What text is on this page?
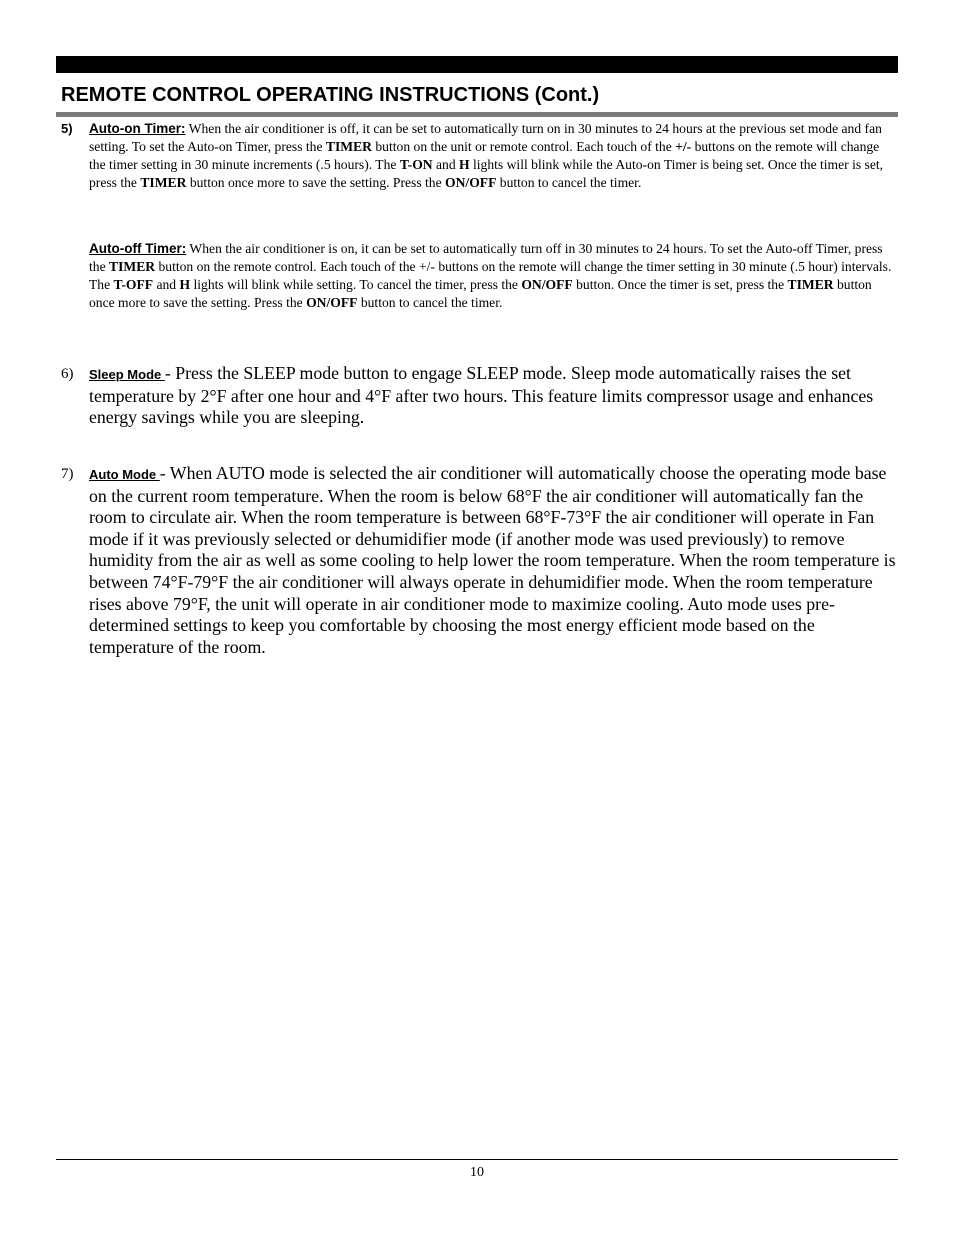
REMOTE CONTROL OPERATING INSTRUCTIONS (Cont.)
5) Auto-on Timer: When the air conditioner is off, it can be set to automatically turn on in 30 minutes to 24 hours at the previous set mode and fan setting. To set the Auto-on Timer, press the TIMER button on the unit or remote control. Each touch of the +/- buttons on the remote will change the timer setting in 30 minute increments (.5 hours). The T-ON and H lights will blink while the Auto-on Timer is being set. Once the timer is set, press the TIMER button once more to save the setting. Press the ON/OFF button to cancel the timer.

Auto-off Timer: When the air conditioner is on, it can be set to automatically turn off in 30 minutes to 24 hours. To set the Auto-off Timer, press the TIMER button on the remote control. Each touch of the +/- buttons on the remote will change the timer setting in 30 minute (.5 hour) intervals. The T-OFF and H lights will blink while setting. To cancel the timer, press the ON/OFF button. Once the timer is set, press the TIMER button once more to save the setting. Press the ON/OFF button to cancel the timer.

6) Sleep Mode - Press the SLEEP mode button to engage SLEEP mode. Sleep mode automatically raises the set temperature by 2°F after one hour and 4°F after two hours. This feature limits compressor usage and enhances energy savings while you are sleeping.

7) Auto Mode - When AUTO mode is selected the air conditioner will automatically choose the operating mode base on the current room temperature. When the room is below 68°F the air conditioner will automatically fan the room to circulate air. When the room temperature is between 68°F-73°F the air conditioner will operate in Fan mode if it was previously selected or dehumidifier mode (if another mode was used previously) to remove humidity from the air as well as some cooling to help lower the room temperature. When the room temperature is between 74°F-79°F the air conditioner will always operate in dehumidifier mode. When the room temperature rises above 79°F, the unit will operate in air conditioner mode to maximize cooling. Auto mode uses pre-determined settings to keep you comfortable by choosing the most energy efficient mode based on the temperature of the room.

10
